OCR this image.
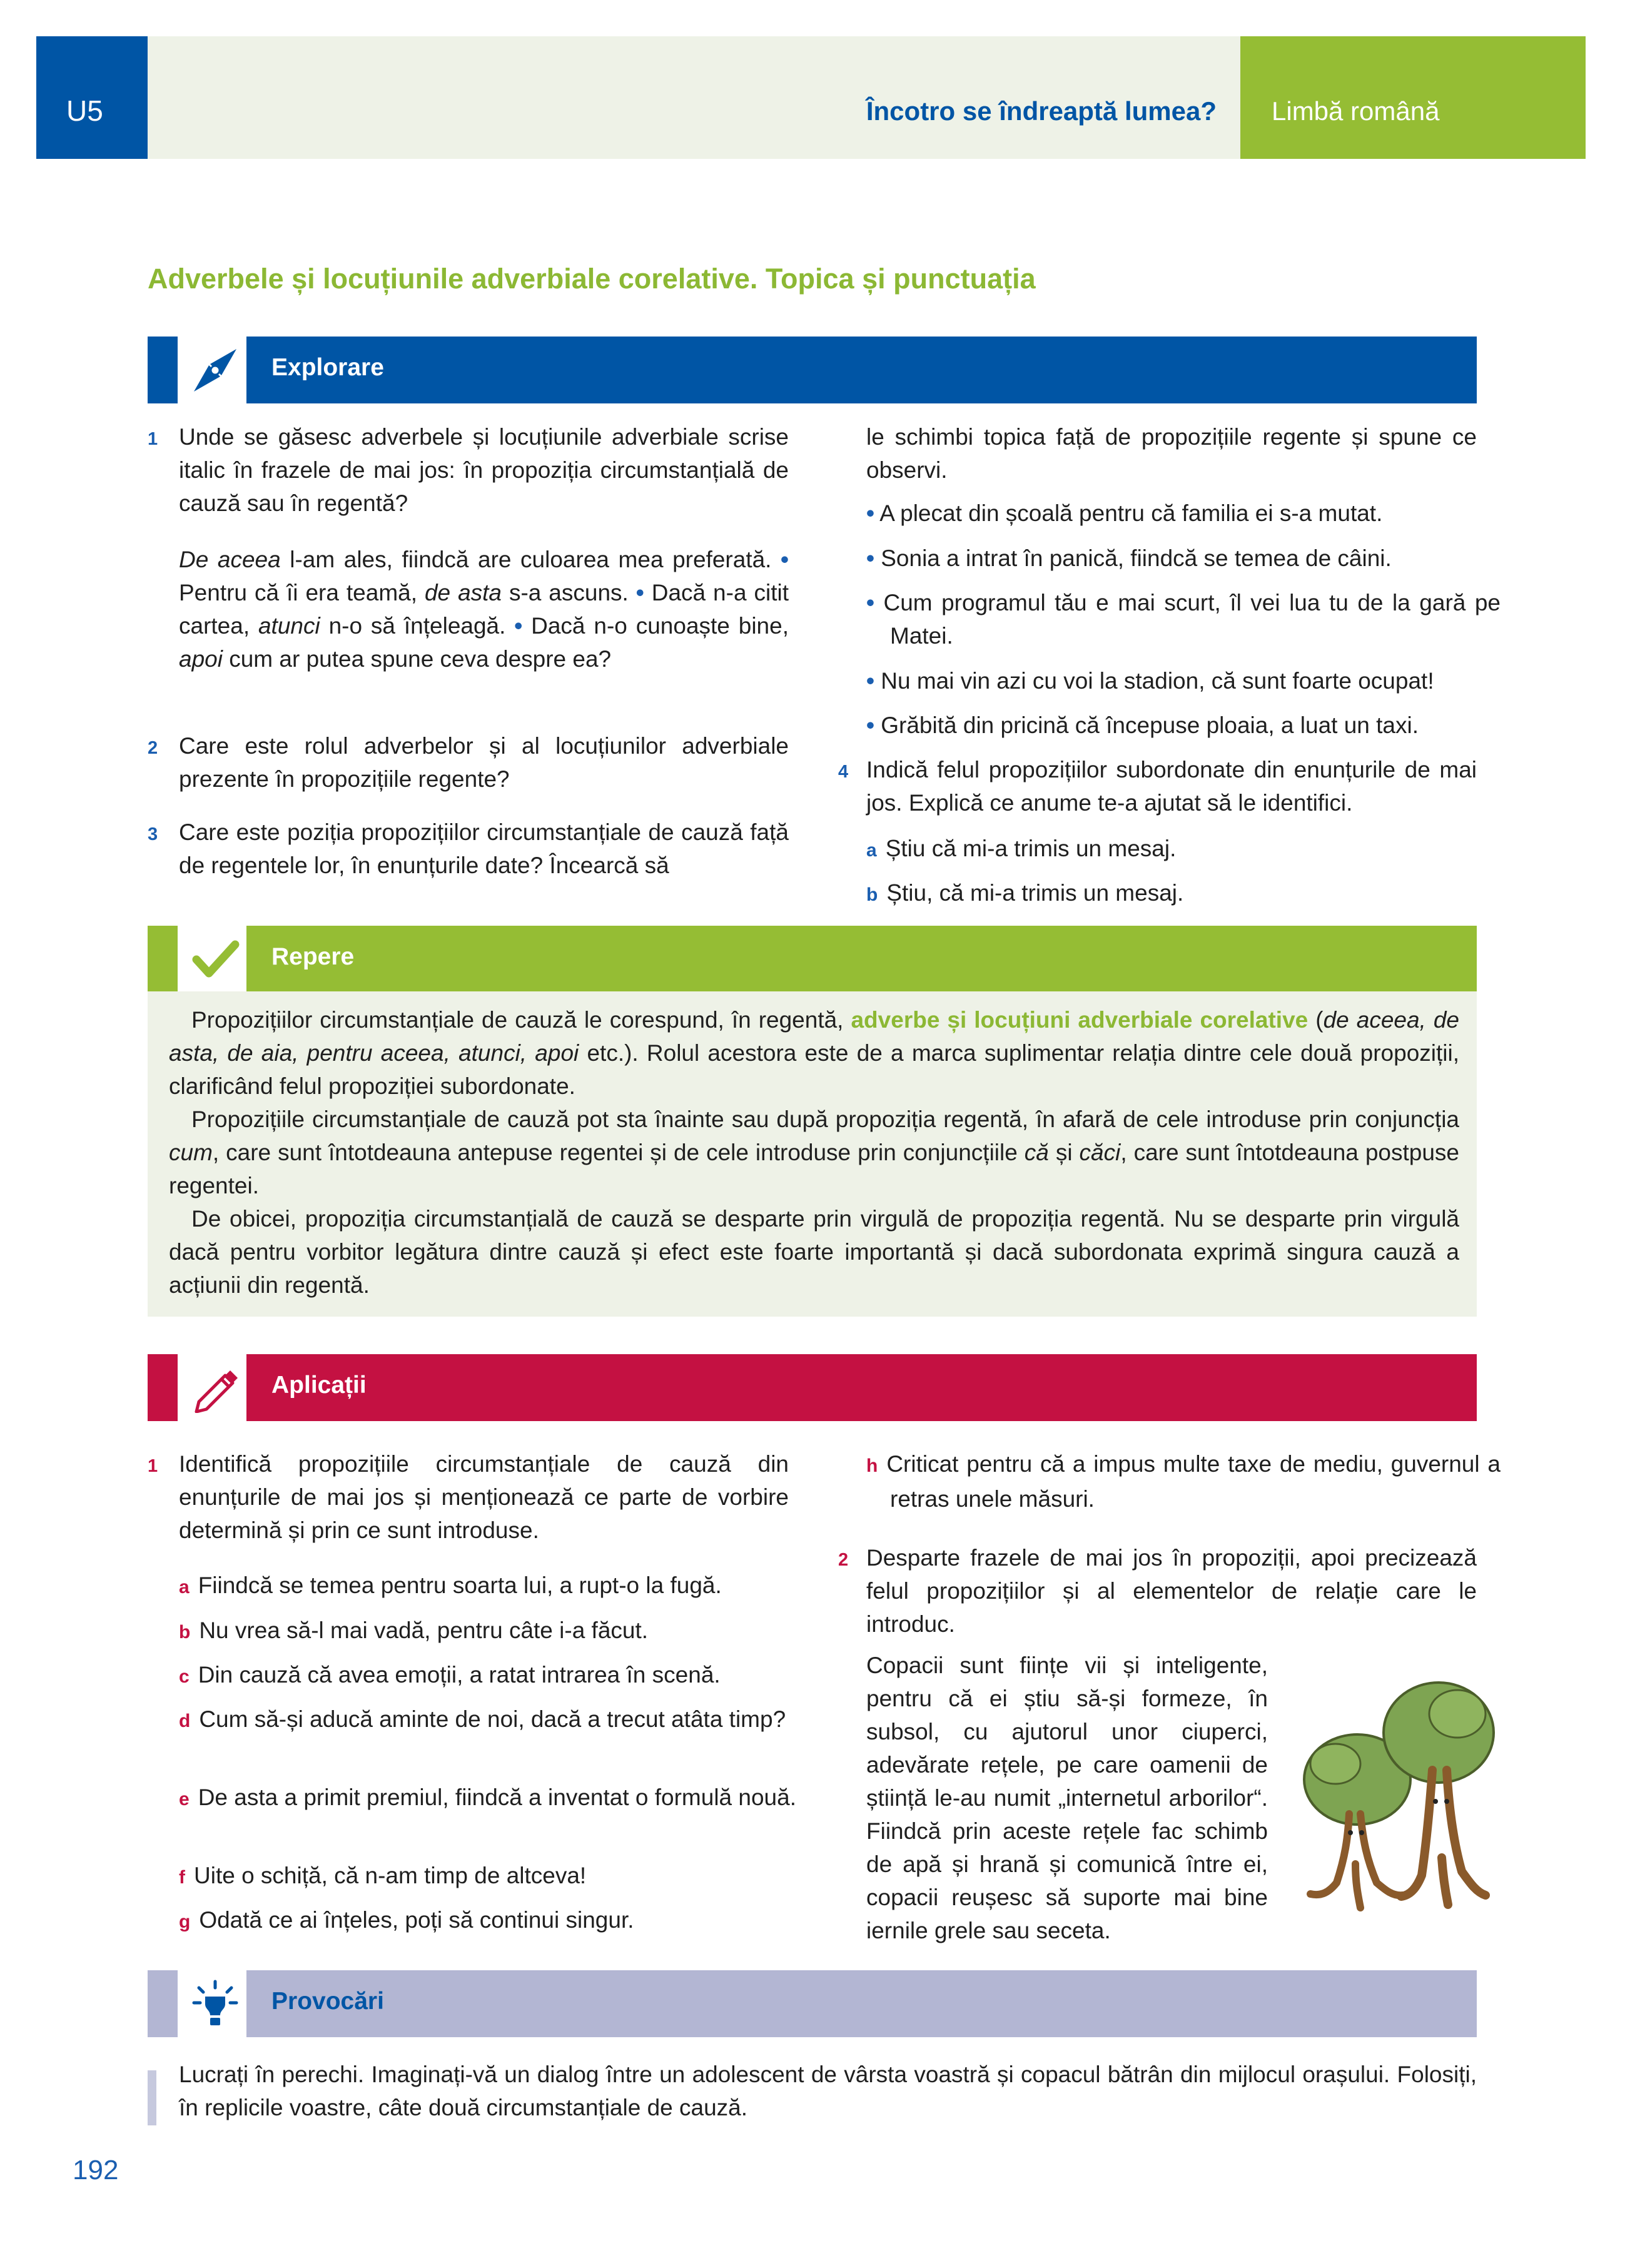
U5	Încotro se îndreaptă lumea? Limbă română
Adverbele și locuțiunile adverbiale corelative. Topica și punctuația
Explorare
1 Unde se găsesc adverbele și locuțiunile adverbiale scrise italic în frazele de mai jos: în propoziția circumstanțială de cauză sau în regentă?

De aceea l-am ales, fiindcă are culoarea mea preferată. • Pentru că îi era teamă, de asta s-a ascuns. • Dacă n-a citit cartea, atunci n-o să înțeleagă. • Dacă n-o cunoaște bine, apoi cum ar putea spune ceva despre ea?

2 Care este rolul adverbelor și al locuțiunilor adverbiale prezente în propozițiile regente?

3 Care este poziția propozițiilor circumstanțiale de cauză față de regentele lor, în enunțurile date? Încearcă să

le schimbi topica față de propozițiile regente și spune ce observi.

• A plecat din școală pentru că familia ei s-a mutat.
• Sonia a intrat în panică, fiindcă se temea de câini.
• Cum programul tău e mai scurt, îl vei lua tu de la gară pe Matei.
• Nu mai vin azi cu voi la stadion, că sunt foarte ocupat!
• Grăbită din pricină că începuse ploaia, a luat un taxi.
4 Indică felul propozițiilor subordonate din enunțurile de mai jos. Explică ce anume te-a ajutat să le identifici.

a Știu că mi-a trimis un mesaj.
b Știu, că mi-a trimis un mesaj.
Repere

Propozițiilor circumstanțiale de cauză le corespund, în regentă, adverbe și locuțiuni adverbiale corelative (de aceea, de asta, de aia, pentru aceea, atunci, apoi etc.). Rolul acestora este de a marca suplimentar relația dintre cele două propoziții, clarificând felul propoziției subordonate.

Propozițiile circumstanțiale de cauză pot sta înainte sau după propoziția regentă, în afară de cele introduse prin conjuncția cum, care sunt întotdeauna antepuse regentei și de cele introduse prin conjuncțiile că și căci, care sunt întotdeauna postpuse regentei.

De obicei, propoziția circumstanțială de cauză se desparte prin virgulă de propoziția regentă. Nu se desparte prin virgulă dacă pentru vorbitor legătura dintre cauză și efect este foarte importantă și dacă subordonata exprimă singura cauză a acțiunii din regentă.

Aplicații
1 Identifică propozițiile circumstanțiale de cauză din enunțurile de mai jos și menționează ce parte de vorbire determină și prin ce sunt introduse.

a Fiindcă se temea pentru soarta lui, a rupt-o la fugă.
b Nu vrea să-l mai vadă, pentru câte i-a făcut.
c Din cauză că avea emoții, a ratat intrarea în scenă.
d Cum să-și aducă aminte de noi, dacă a trecut atâta timp?
e De asta a primit premiul, fiindcă a inventat o formulă nouă.
f Uite o schiță, că n-am timp de altceva!
g Odată ce ai înțeles, poți să continui singur.
h Criticat pentru că a impus multe taxe de mediu, guvernul a retras unele măsuri.
2 Desparte frazele de mai jos în propoziții, apoi precizează felul propozițiilor și al elementelor de relație care le introduc.

Copacii sunt ființe vii și inteligente, pentru că ei știu să-și formeze, în subsol, cu ajutorul unor ciuperci, adevărate rețele, pe care oamenii de știință le-au numit „internetul arborilor“. Fiindcă prin aceste rețele fac schimb de apă și hrană și comunică între ei, copacii reușesc să suporte mai bine iernile grele sau seceta.

Provocări

Lucrați în perechi. Imaginați-vă un dialog între un adolescent de vârsta voastră și copacul bătrân din mijlocul orașului. Folosiți, în replicile voastre, câte două circumstanțiale de cauză.

192
